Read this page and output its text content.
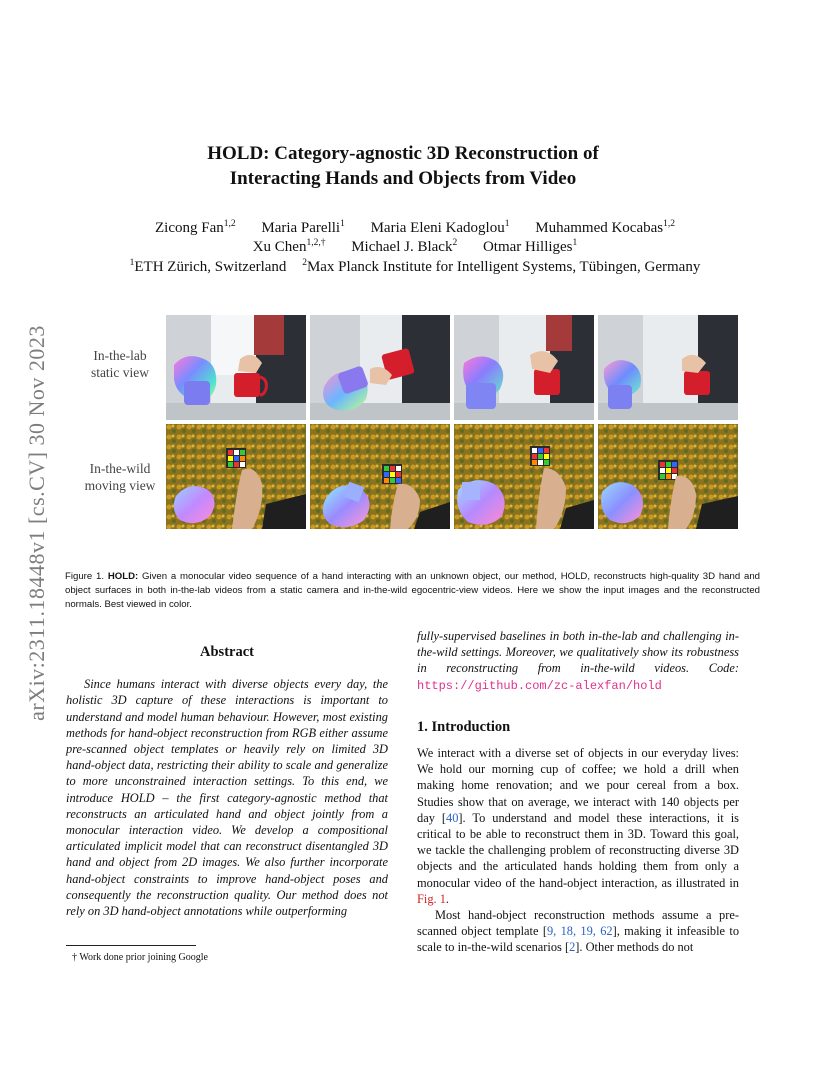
arXiv:2311.18448v1 [cs.CV] 30 Nov 2023
HOLD: Category-agnostic 3D Reconstruction of
Interacting Hands and Objects from Video
Zicong Fan$^{1,2}$ Maria Parelli$^1$ Maria Eleni Kadoglou$^1$ Muhammed Kocabas$^{1,2}$
Xu Chen$^{1,2,\dagger}$ Michael J. Black$^2$ Otmar Hilliges$^1$
$^1$ETH Zürich, Switzerland $^2$Max Planck Institute for Intelligent Systems, Tübingen, Germany
In-the-lab
static view
In-the-wild
moving view
Figure 1. HOLD: Given a monocular video sequence of a hand interacting with an unknown object, our method, HOLD, reconstructs high-quality 3D hand and object surfaces in both in-the-lab videos from a static camera and in-the-wild egocentric-view videos. Here we show the input images and the reconstructed normals. Best viewed in color.
Abstract
Since humans interact with diverse objects every day, the holistic 3D capture of these interactions is important to understand and model human behaviour. However, most existing methods for hand-object reconstruction from RGB either assume pre-scanned object templates or heavily rely on limited 3D hand-object data, restricting their ability to scale and generalize to more unconstrained interaction settings. To this end, we introduce HOLD – the first category-agnostic method that reconstructs an articulated hand and object jointly from a monocular interaction video. We develop a compositional articulated implicit model that can reconstruct disentangled 3D hand and object from 2D images. We also further incorporate hand-object constraints to improve hand-object poses and consequently the reconstruction quality. Our method does not rely on 3D hand-object annotations while outperforming
fully-supervised baselines in both in-the-lab and challenging in-the-wild settings. Moreover, we qualitatively show its robustness in reconstructing from in-the-wild videos. Code: https://github.com/zc-alexfan/hold
1. Introduction
We interact with a diverse set of objects in our everyday lives: We hold our morning cup of coffee; we hold a drill when making home renovation; and we pour cereal from a box. Studies show that on average, we interact with 140 objects per day [40]. To understand and model these interactions, it is critical to be able to reconstruct them in 3D. Toward this goal, we tackle the challenging problem of reconstructing diverse 3D objects and the articulated hands holding them from only a monocular video of the hand-object interaction, as illustrated in Fig. 1.
Most hand-object reconstruction methods assume a pre-scanned object template [9, 18, 19, 62], making it infeasible to scale to in-the-wild scenarios [2]. Other methods do not
† Work done prior joining Google
